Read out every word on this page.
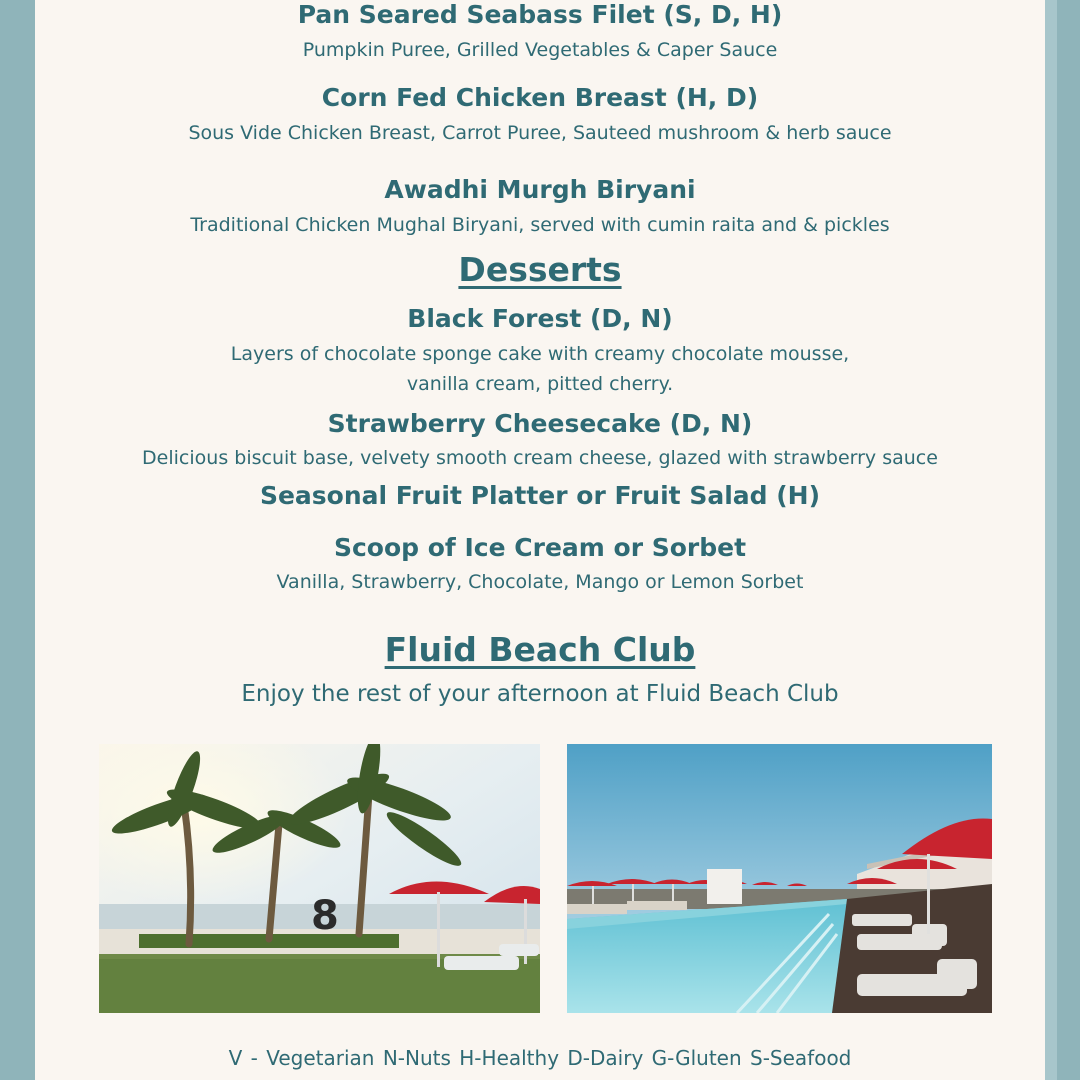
Pan Seared Seabass Filet (S, D, H)
Pumpkin Puree, Grilled Vegetables & Caper Sauce
Corn Fed Chicken Breast (H, D)
Sous Vide Chicken Breast, Carrot Puree, Sauteed mushroom & herb sauce
Awadhi Murgh Biryani
Traditional Chicken Mughal Biryani, served with cumin raita and & pickles
Desserts
Black Forest (D, N)
Layers of chocolate sponge cake with creamy chocolate mousse,
vanilla cream, pitted cherry.
Strawberry Cheesecake (D, N)
Delicious biscuit base, velvety smooth cream cheese, glazed with strawberry sauce
Seasonal Fruit Platter or Fruit Salad (H)
Scoop of Ice Cream or Sorbet
Vanilla, Strawberry, Chocolate, Mango or Lemon Sorbet
Fluid Beach Club
Enjoy the rest of your afternoon at Fluid Beach Club
8
V - Vegetarian N-Nuts H-Healthy D-Dairy G-Gluten S-Seafood
